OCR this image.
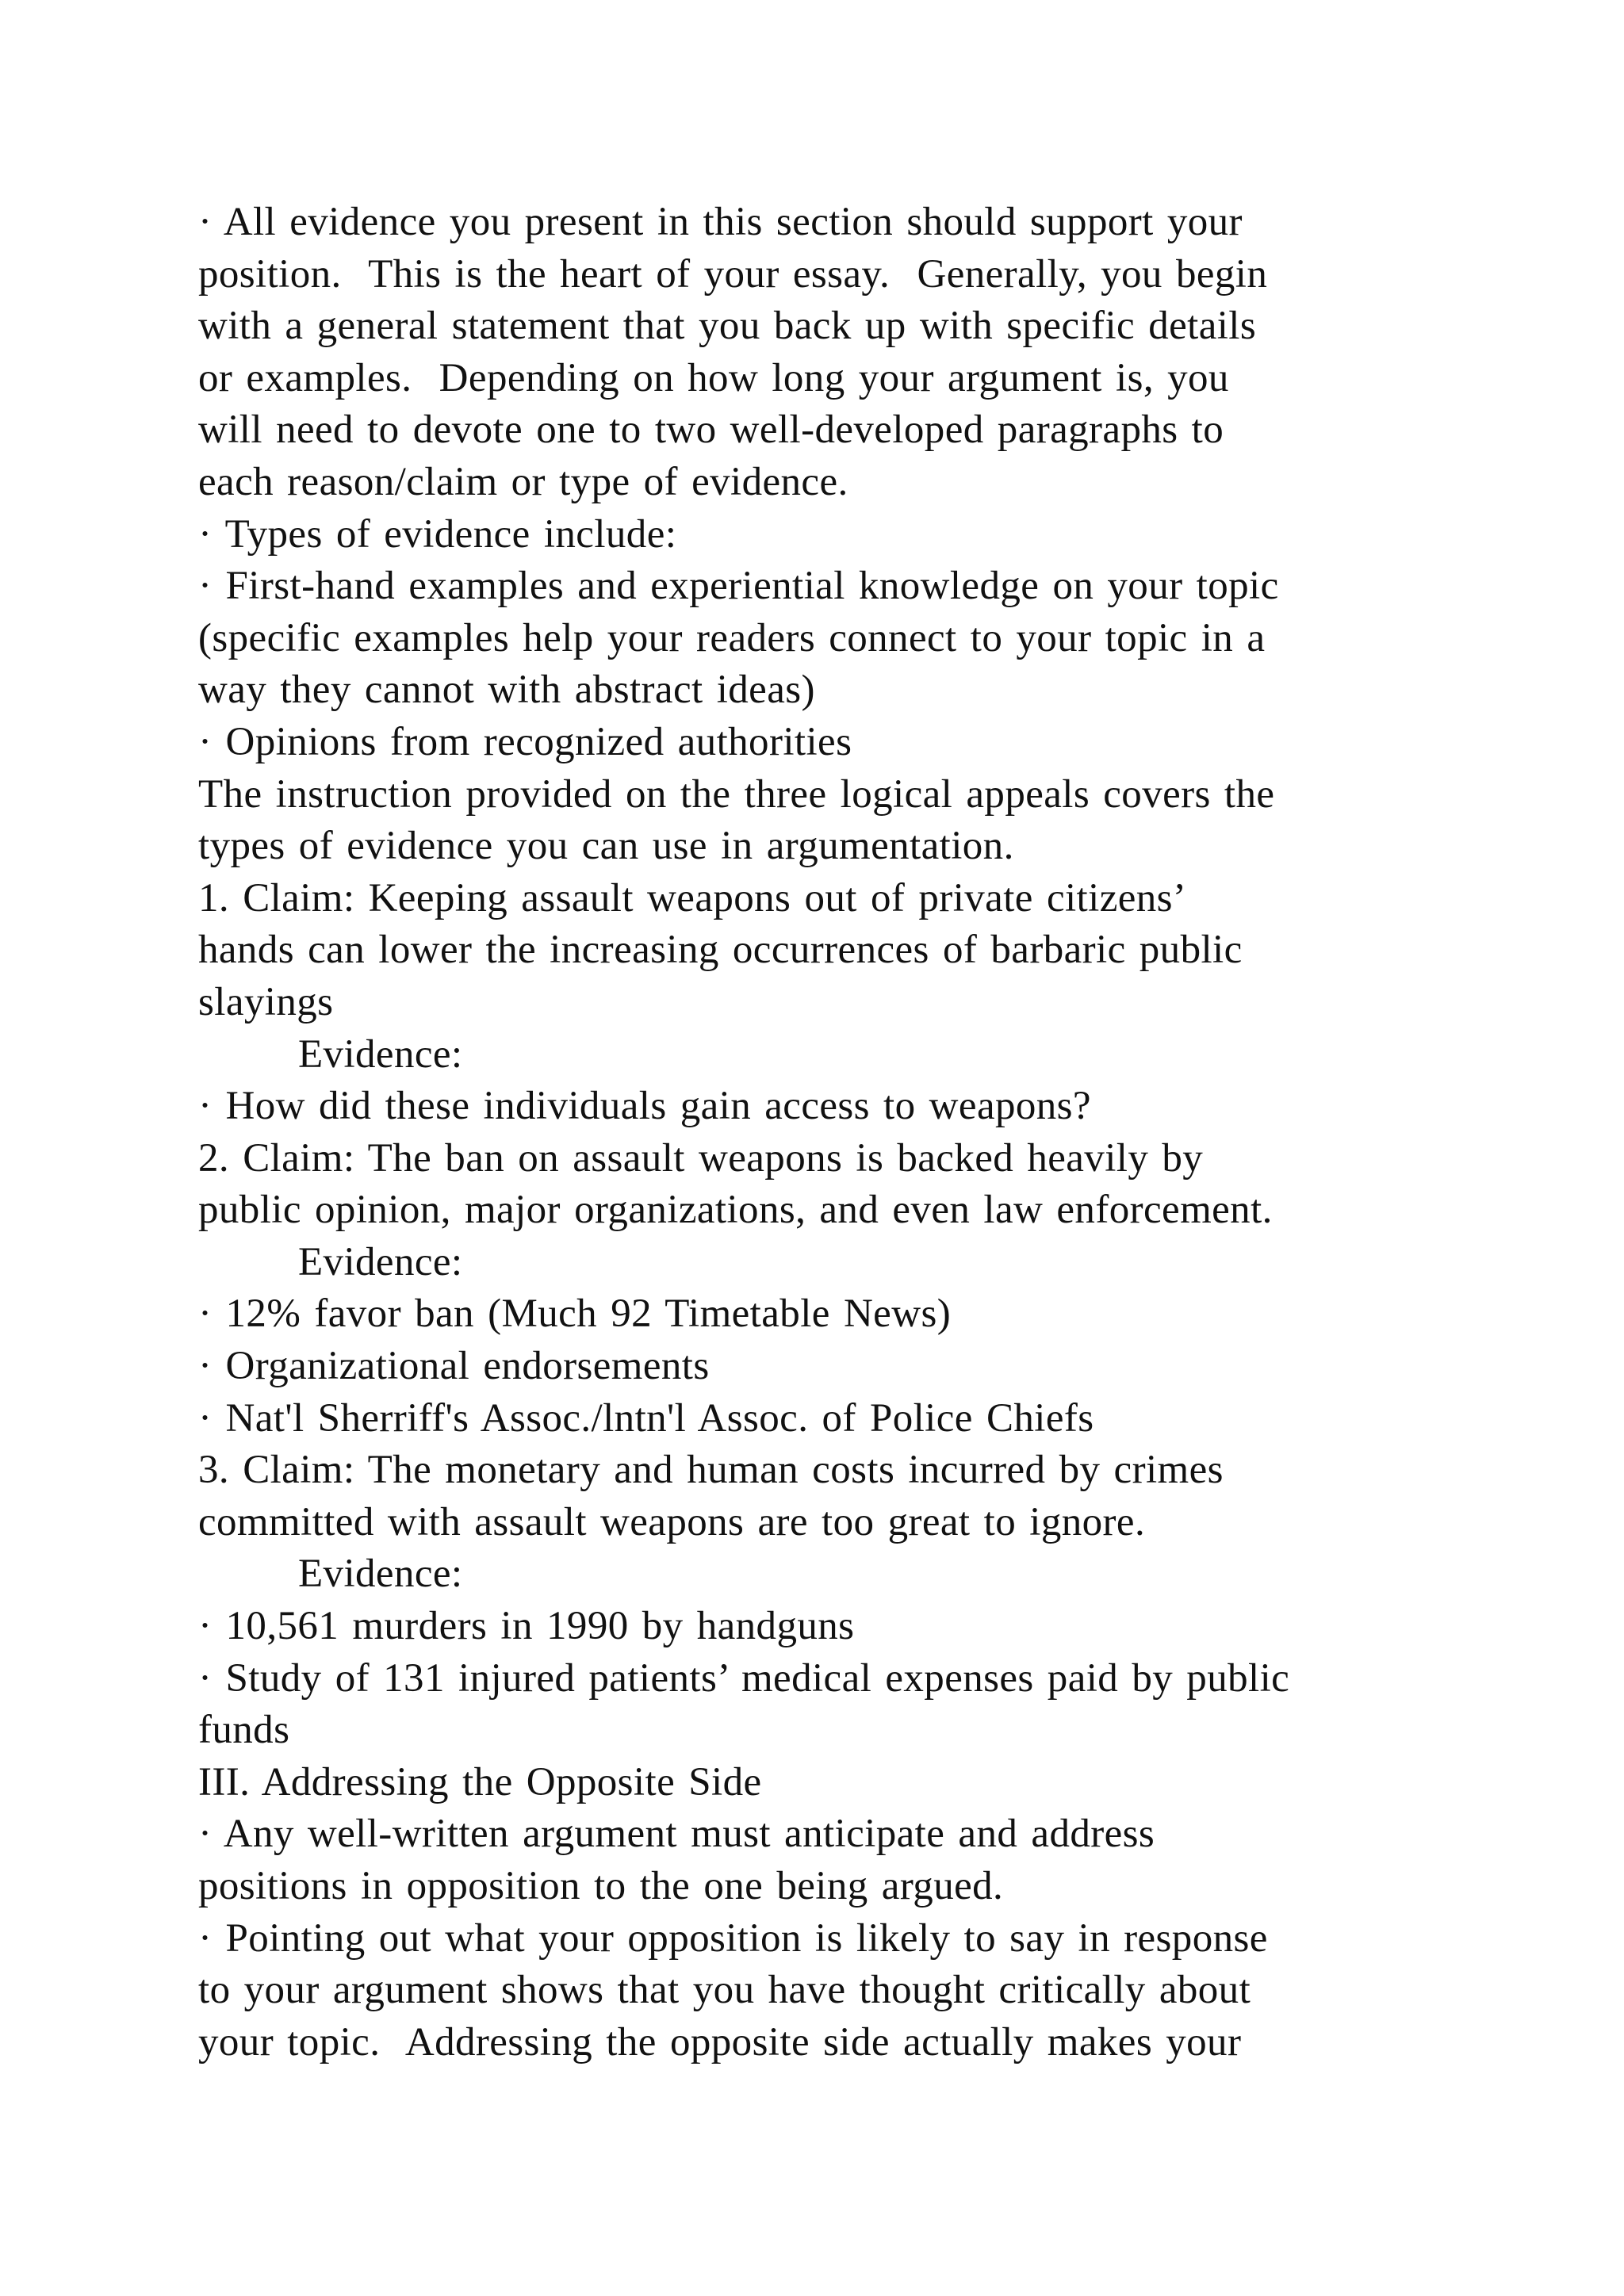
· All evidence you present in this section should support your
position.  This is the heart of your essay.  Generally, you begin
with a general statement that you back up with specific details
or examples.  Depending on how long your argument is, you
will need to devote one to two well-developed paragraphs to
each reason/claim or type of evidence.
· Types of evidence include:
· First-hand examples and experiential knowledge on your topic
(specific examples help your readers connect to your topic in a
way they cannot with abstract ideas)
· Opinions from recognized authorities
The instruction provided on the three logical appeals covers the
types of evidence you can use in argumentation.
1. Claim: Keeping assault weapons out of private citizens’
hands can lower the increasing occurrences of barbaric public
slayings
Evidence:
· How did these individuals gain access to weapons?
2. Claim: The ban on assault weapons is backed heavily by
public opinion, major organizations, and even law enforcement.
Evidence:
· 12% favor ban (Much 92 Timetable News)
· Organizational endorsements
· Nat'l Sherriff's Assoc./lntn'l Assoc. of Police Chiefs
3. Claim: The monetary and human costs incurred by crimes
committed with assault weapons are too great to ignore.
Evidence:
· 10,561 murders in 1990 by handguns
· Study of 131 injured patients’ medical expenses paid by public
funds
III. Addressing the Opposite Side
· Any well-written argument must anticipate and address
positions in opposition to the one being argued.
· Pointing out what your opposition is likely to say in response
to your argument shows that you have thought critically about
your topic.  Addressing the opposite side actually makes your
